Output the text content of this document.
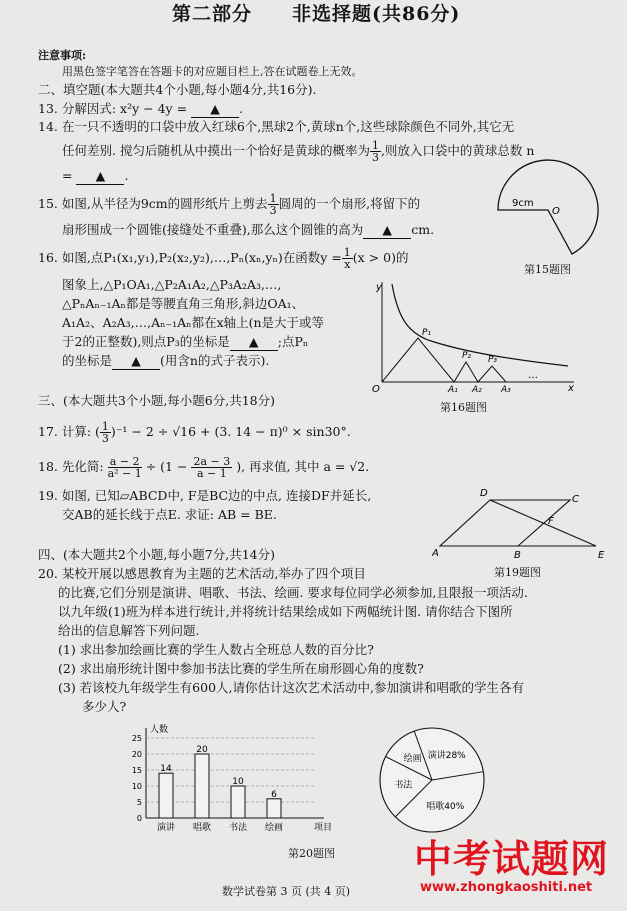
第二部分　　非选择题(共86分)
注意事项:
用黑色签字笔答在答题卡的对应题目栏上,答在试题卷上无效。
二、填空题(本大题共4个小题,每小题4分,共16分).
13. 分解因式: x²y − 4y = ▲ .
14. 在一只不透明的口袋中放入红球6个,黑球2个,黄球n个,这些球除颜色不同外,其它无
任何差别. 搅匀后随机从中摸出一个恰好是黄球的概率为 $\frac{1}{3}$ ,则放入口袋中的黄球总数 n
= ▲ .
15. 如图,从半径为9cm的圆形纸片上剪去 $\frac{1}{3}$ 圆周的一个扇形,将留下的
扇形围成一个圆锥(接缝处不重叠),那么这个圆锥的高为 ▲ cm.
9cm
O
第15题图
16. 如图,点P₁(x₁,y₁),P₂(x₂,y₂),…,Pₙ(xₙ,yₙ)在函数$y = \frac{1}{x} (x > 0)$的
图象上,△P₁OA₁,△P₂A₁A₂,△P₃A₂A₃,…,
△PₙAₙ₋₁Aₙ都是等腰直角三角形,斜边OA₁、
A₁A₂、A₂A₃,…,Aₙ₋₁Aₙ都在x轴上(n是大于或等
于2的正整数),则点P₃的坐标是 ▲ ;点Pₙ
的坐标是 ▲ (用含n的式子表示).
y
x
O
P₁
P₂ P₃
A₁ A₂ A₃
…
第16题图
三、(本大题共3个小题,每小题6分,共18分)
17. 计算: ( $\frac{1}{3} )^{-1} - 2 \div √16 + (3$. 14 − π)⁰ × sin30°.
18. 先化简: $\frac{a - 2}{\text{a² − 1}} \div (1 - \frac{2a - 3}{a - 1}$ ), 再求值, 其中 a = √2.
19. 如图, 已知▱ABCD中, F是BC边的中点, 连接DF并延长,
交AB的延长线于点E. 求证: AB = BE.
A	B
C
D
E
F
第19题图
四、(本大题共2个小题,每小题7分,共14分)
20. 某校开展以感恩教育为主题的艺术活动,举办了四个项目
的比赛,它们分别是演讲、唱歌、书法、绘画. 要求每位同学必须参加,且限报一项活动.
以九年级(1)班为样本进行统计,并将统计结果绘成如下两幅统计图. 请你结合下图所
给出的信息解答下列问题.
(1) 求出参加绘画比赛的学生人数占全班总人数的百分比?
(2) 求出扇形统计图中参加书法比赛的学生所在扇形圆心角的度数?
(3) 若该校九年级学生有600人,请你估计这次艺术活动中,参加演讲和唱歌的学生各有
多少人?
0
5
10
15
20
25
人数
项目
14
演讲
20
唱歌
10
书法
6
绘画
演讲28%
唱歌40%
书法
绘画
第20题图
数学试卷第 3 页 (共 4 页)
中考试题网
www.zhongkaoshiti.net
